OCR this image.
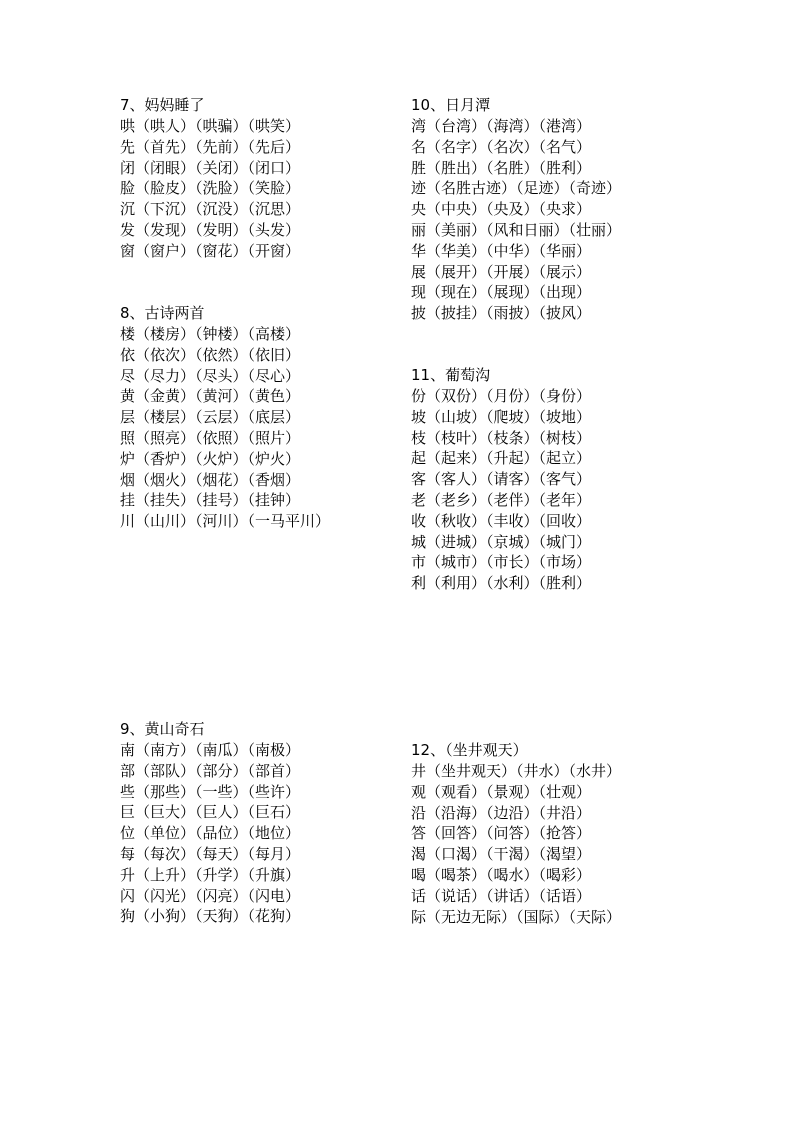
7、妈妈睡了
哄（哄人）（哄骗）（哄笑）
先（首先）（先前）（先后）
闭（闭眼）（关闭）（闭口）
脸（脸皮）（洗脸）（笑脸）
沉（下沉）（沉没）（沉思）
发（发现）（发明）（头发）
窗（窗户）（窗花）（开窗）
8、古诗两首
楼（楼房）（钟楼）（高楼）
依（依次）（依然）（依旧）
尽（尽力）（尽头）（尽心）
黄（金黄）（黄河）（黄色）
层（楼层）（云层）（底层）
照（照亮）（依照）（照片）
炉（香炉）（火炉）（炉火）
烟（烟火）（烟花）（香烟）
挂（挂失）（挂号）（挂钟）
川（山川）（河川）（一马平川）
9、黄山奇石
南（南方）（南瓜）（南极）
部（部队）（部分）（部首）
些（那些）（一些）（些许）
巨（巨大）（巨人）（巨石）
位（单位）（品位）（地位）
每（每次）（每天）（每月）
升（上升）（升学）（升旗）
闪（闪光）（闪亮）（闪电）
狗（小狗）（天狗）（花狗）
10、日月潭
湾（台湾）（海湾）（港湾）
名（名字）（名次）（名气）
胜（胜出）（名胜）（胜利）
迹（名胜古迹）（足迹）（奇迹）
央（中央）（央及）（央求）
丽（美丽）（风和日丽）（壮丽）
华（华美）（中华）（华丽）
展（展开）（开展）（展示）
现（现在）（展现）（出现）
披（披挂）（雨披）（披风）
11、葡萄沟
份（双份）（月份）（身份）
坡（山坡）（爬坡）（坡地）
枝（枝叶）（枝条）（树枝）
起（起来）（升起）（起立）
客（客人）（请客）（客气）
老（老乡）（老伴）（老年）
收（秋收）（丰收）（回收）
城（进城）（京城）（城门）
市（城市）（市长）（市场）
利（利用）（水利）（胜利）
12、（坐井观天）
井（坐井观天）（井水）（水井）
观（观看）（景观）（壮观）
沿（沿海）（边沿）（井沿）
答（回答）（问答）（抢答）
渴（口渴）（干渴）（渴望）
喝（喝茶）（喝水）（喝彩）
话（说话）（讲话）（话语）
际（无边无际）（国际）（天际）
